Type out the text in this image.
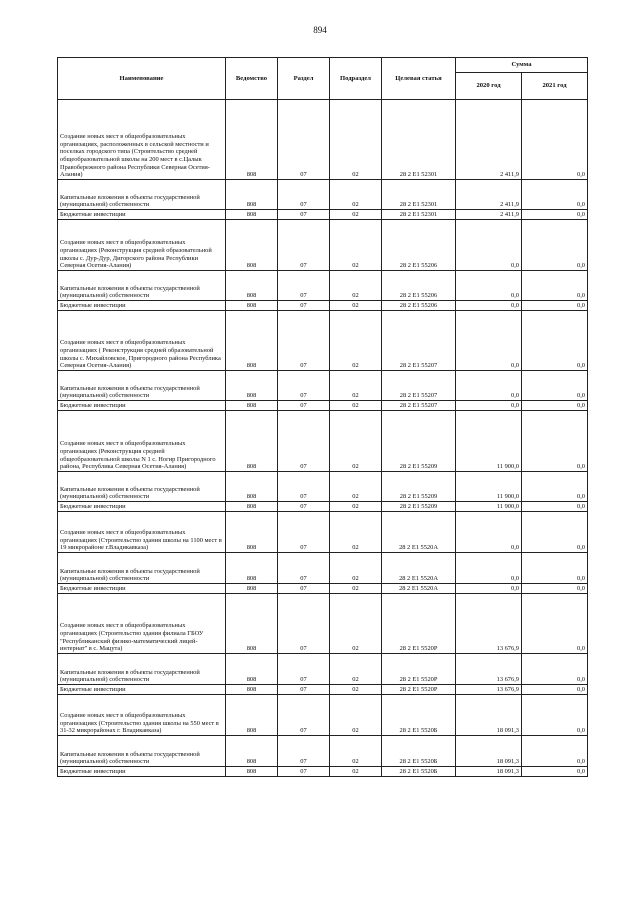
894
Наименование	Ведомство	Раздел	Подраздел	Целевая статья	Сумма	
					2020 год	2021 год
Создание новых мест в общеобразовательных организациях, расположенных в сельской местности и поселках городского типа (Строительство средней общеобразовательной школы на 200 мест в с.Цалык Правобережного района Республики Северная Осетия-Алания)	808	07	02	28 2 E1 52301	2 411,9	0,0
Капитальные вложения в объекты государственной (муниципальной) собственности	808	07	02	28 2 E1 52301	2 411,9	0,0
Бюджетные инвестиции	808	07	02	28 2 E1 52301	2 411,9	0,0
Создание новых мест в общеобразовательных организациях (Реконструкция средней образовательной школы с. Дур-Дур, Дигорского района Республики Северная Осетия-Алания)	808	07	02	28 2 E1 55206	0,0	0,0
Капитальные вложения в объекты государственной (муниципальной) собственности	808	07	02	28 2 E1 55206	0,0	0,0
Бюджетные инвестиции	808	07	02	28 2 E1 55206	0,0	0,0
Создание новых мест в общеобразовательных организациях ( Реконструкция средней образовательной школы с. Михайловское, Пригородного района Республика Северная Осетия-Алания)	808	07	02	28 2 E1 55207	0,0	0,0
Капитальные вложения в объекты государственной (муниципальной) собственности	808	07	02	28 2 E1 55207	0,0	0,0
Бюджетные инвестиции	808	07	02	28 2 E1 55207	0,0	0,0
Создание новых мест в общеобразовательных организациях (Реконструкция средней общеобразовательной школы N 1 с. Ногир Пригородного района, Республика Северная Осетия-Алания)	808	07	02	28 2 E1 55209	11 900,0	0,0
Капитальные вложения в объекты государственной (муниципальной) собственности	808	07	02	28 2 E1 55209	11 900,0	0,0
Бюджетные инвестиции	808	07	02	28 2 E1 55209	11 900,0	0,0
Создание новых мест в общеобразовательных организациях (Строительство здания школы на 1100 мест в 19 микрорайоне г.Владикавказа)	808	07	02	28 2 E1 5520A	0,0	0,0
Капитальные вложения в объекты государственной (муниципальной) собственности	808	07	02	28 2 E1 5520A	0,0	0,0
Бюджетные инвестиции	808	07	02	28 2 E1 5520A	0,0	0,0
Создание новых мест в общеобразовательных организациях (Строительство здания филиала ГБОУ "Республиканский физико-математический лицей-интернат" в с. Мацута)	808	07	02	28 2 E1 5520P	13 676,9	0,0
Капитальные вложения в объекты государственной (муниципальной) собственности	808	07	02	28 2 E1 5520P	13 676,9	0,0
Бюджетные инвестиции	808	07	02	28 2 E1 5520P	13 676,9	0,0
Создание новых мест в общеобразовательных организациях (Строительство здания школы на 550 мест в 31-32 микрорайонах г. Владикавказа)	808	07	02	28 2 E1 5520Б	18 091,3	0,0
Капитальные вложения в объекты государственной (муниципальной) собственности	808	07	02	28 2 E1 5520Б	18 091,3	0,0
Бюджетные инвестиции	808	07	02	28 2 E1 5520Б	18 091,3	0,0
